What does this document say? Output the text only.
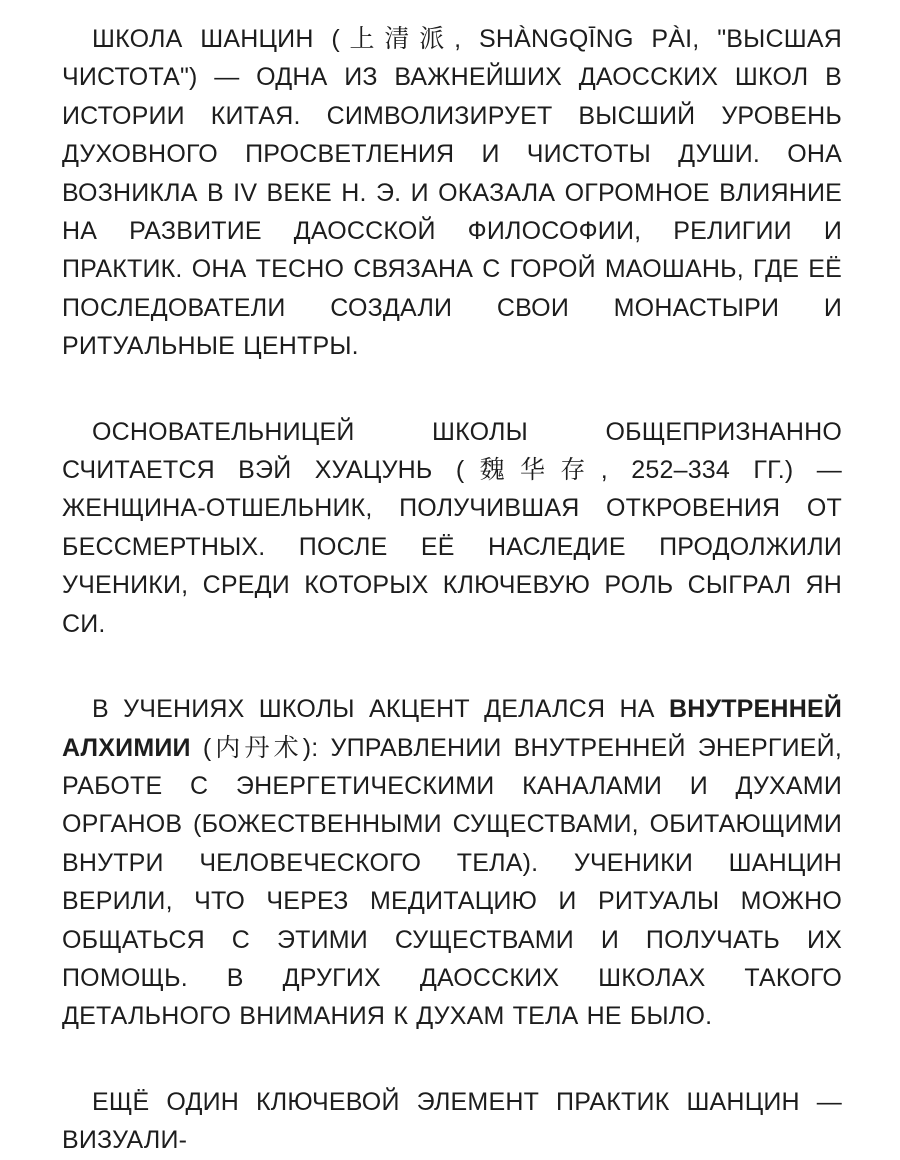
ШКОЛА ШАНЦИН (上清派, SHÀNGQĪNG PÀI, "ВЫСШАЯ ЧИСТОТА") — ОДНА ИЗ ВАЖНЕЙШИХ ДАОССКИХ ШКОЛ В ИСТОРИИ КИТАЯ. СИМВОЛИЗИРУЕТ ВЫСШИЙ УРОВЕНЬ ДУХОВНОГО ПРОСВЕТЛЕНИЯ И ЧИСТОТЫ ДУШИ. ОНА ВОЗНИКЛА В IV ВЕКЕ Н. Э. И ОКАЗАЛА ОГРОМНОЕ ВЛИЯНИЕ НА РАЗВИТИЕ ДАОССКОЙ ФИЛОСОФИИ, РЕЛИГИИ И ПРАКТИК. ОНА ТЕСНО СВЯЗАНА С ГОРОЙ МАОШАНЬ, ГДЕ ЕЁ ПОСЛЕДОВАТЕЛИ СОЗДАЛИ СВОИ МОНАСТЫРИ И РИТУАЛЬНЫЕ ЦЕНТРЫ.

ОСНОВАТЕЛЬНИЦЕЙ ШКОЛЫ ОБЩЕПРИЗНАННО СЧИТАЕТСЯ ВЭЙ ХУАЦУНЬ (魏华存, 252–334 ГГ.) — ЖЕНЩИНА-ОТШЕЛЬНИК, ПОЛУЧИВШАЯ ОТКРОВЕНИЯ ОТ БЕССМЕРТНЫХ. ПОСЛЕ ЕЁ НАСЛЕДИЕ ПРОДОЛЖИЛИ УЧЕНИКИ, СРЕДИ КОТОРЫХ КЛЮЧЕВУЮ РОЛЬ СЫГРАЛ ЯН СИ.

В УЧЕНИЯХ ШКОЛЫ АКЦЕНТ ДЕЛАЛСЯ НА ВНУТРЕННЕЙ АЛХИМИИ (内丹术): УПРАВЛЕНИИ ВНУТРЕННЕЙ ЭНЕРГИЕЙ, РАБОТЕ С ЭНЕРГЕТИЧЕСКИМИ КАНАЛАМИ И ДУХАМИ ОРГАНОВ (БОЖЕСТВЕННЫМИ СУЩЕСТВАМИ, ОБИТАЮЩИМИ ВНУТРИ ЧЕЛОВЕЧЕСКОГО ТЕЛА). УЧЕНИКИ ШАНЦИН ВЕРИЛИ, ЧТО ЧЕРЕЗ МЕДИТАЦИЮ И РИТУАЛЫ МОЖНО ОБЩАТЬСЯ С ЭТИМИ СУЩЕСТВАМИ И ПОЛУЧАТЬ ИХ ПОМОЩЬ. В ДРУГИХ ДАОССКИХ ШКОЛАХ ТАКОГО ДЕТАЛЬНОГО ВНИМАНИЯ К ДУХАМ ТЕЛА НЕ БЫЛО.

ЕЩЁ ОДИН КЛЮЧЕВОЙ ЭЛЕМЕНТ ПРАКТИК ШАНЦИН — ВИЗУАЛИ-
